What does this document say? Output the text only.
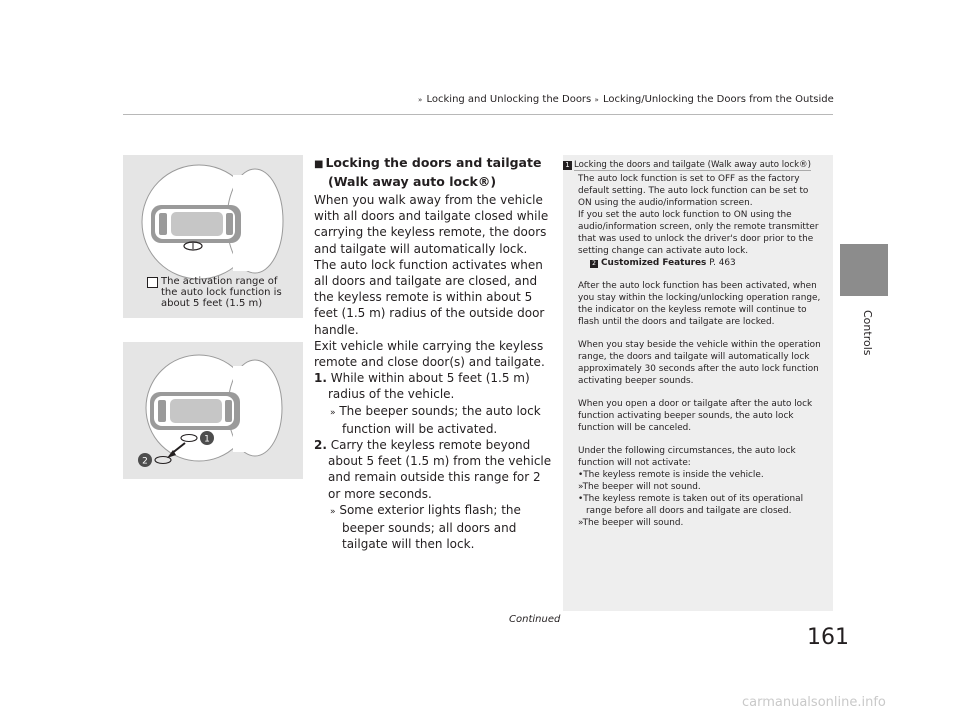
» Locking and Unlocking the Doors » Locking/Unlocking the Doors from the Outside
Controls
The activation range of the auto lock function is about 5 feet (1.5 m)
1
2
■ Locking the doors and tailgate (Walk away auto lock®)

When you walk away from the vehicle with all doors and tailgate closed while carrying the keyless remote, the doors and tailgate will automatically lock.

The auto lock function activates when all doors and tailgate are closed, and the keyless remote is within about 5 feet (1.5 m) radius of the outside door handle.

Exit vehicle while carrying the keyless remote and close door(s) and tailgate.

1. While within about 5 feet (1.5 m) radius of the vehicle.

» The beeper sounds; the auto lock function will be activated.

2. Carry the keyless remote beyond about 5 feet (1.5 m) from the vehicle and remain outside this range for 2 or more seconds.

» Some exterior lights flash; the beeper sounds; all doors and tailgate will then lock.

1 Locking the doors and tailgate (Walk away auto lock®)

The auto lock function is set to OFF as the factory default setting. The auto lock function can be set to ON using the audio/information screen.

If you set the auto lock function to ON using the audio/information screen, only the remote transmitter that was used to unlock the driver's door prior to the setting change can activate auto lock.

2 Customized Features P. 463

After the auto lock function has been activated, when you stay within the locking/unlocking operation range, the indicator on the keyless remote will continue to flash until the doors and tailgate are locked.

When you stay beside the vehicle within the operation range, the doors and tailgate will automatically lock approximately 30 seconds after the auto lock function activating beeper sounds.

When you open a door or tailgate after the auto lock function activating beeper sounds, the auto lock function will be canceled.

Under the following circumstances, the auto lock function will not activate:

•The keyless remote is inside the vehicle.

»The beeper will not sound.

•The keyless remote is taken out of its operational range before all doors and tailgate are closed.

»The beeper will sound.

Continued
161
carmanualsonline.info
